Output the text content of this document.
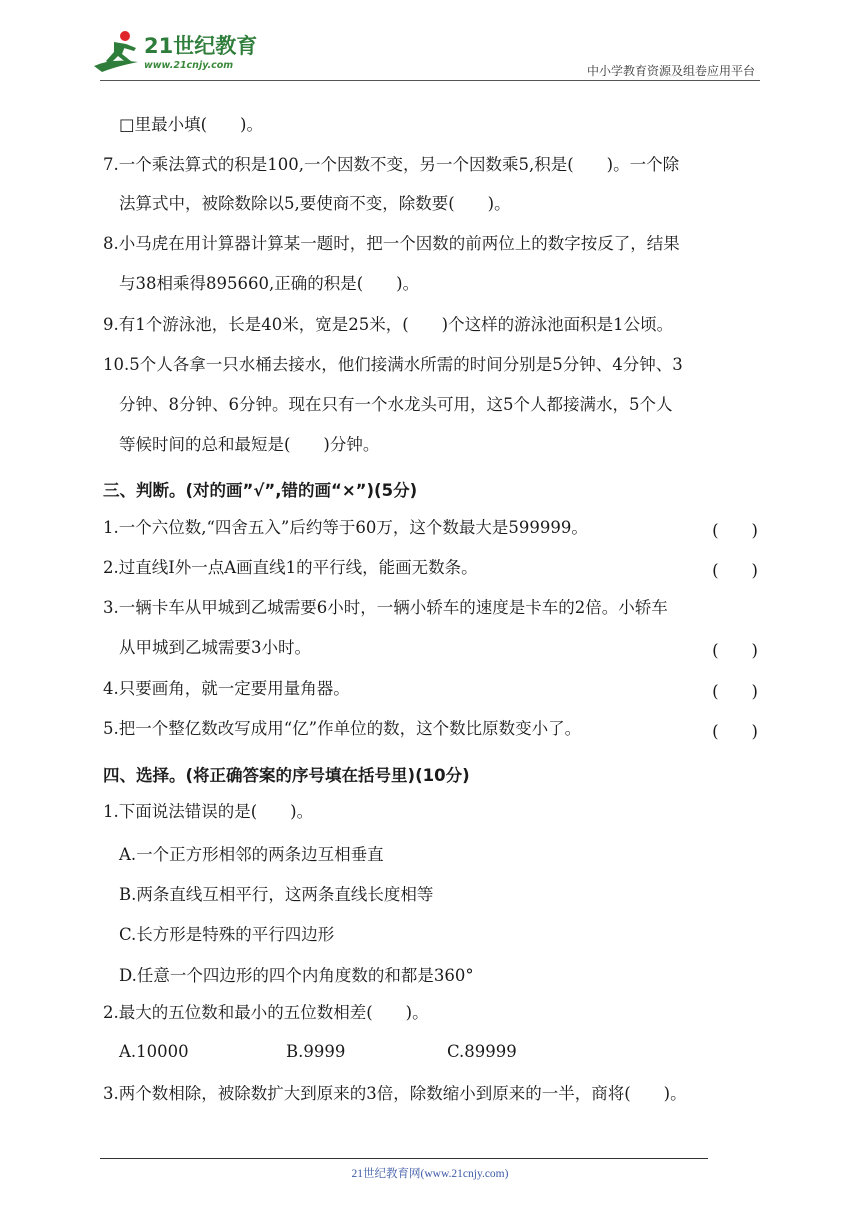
21世纪教育
www.21cnjy.com	中小学教育资源及组卷应用平台
□里最小填(　　)。
7.一个乘法算式的积是100,一个因数不变，另一个因数乘5,积是(　　)。一个除
法算式中，被除数除以5,要使商不变，除数要(　　)。
8.小马虎在用计算器计算某一题时，把一个因数的前两位上的数字按反了，结果
与38相乘得895660,正确的积是(　　)。
9.有1个游泳池，长是40米，宽是25米，(　　)个这样的游泳池面积是1公顷。
10.5个人各拿一只水桶去接水，他们接满水所需的时间分别是5分钟、4分钟、3
分钟、8分钟、6分钟。现在只有一个水龙头可用，这5个人都接满水，5个人
等候时间的总和最短是(　　)分钟。
三、判断。(对的画ˮ√ˮ,错的画“×ˮ)(5分)
1.一个六位数,“四舍五入”后约等于60万，这个数最大是599999。	(　　)
2.过直线I外一点A画直线1的平行线，能画无数条。	(　　)
3.一辆卡车从甲城到乙城需要6小时，一辆小轿车的速度是卡车的2倍。小轿车
从甲城到乙城需要3小时。	(　　)
4.只要画角，就一定要用量角器。	(　　)
5.把一个整亿数改写成用“亿”作单位的数，这个数比原数变小了。	(　　)
四、选择。(将正确答案的序号填在括号里)(10分)
1.下面说法错误的是(　　)。
A.一个正方形相邻的两条边互相垂直
B.两条直线互相平行，这两条直线长度相等
C.长方形是特殊的平行四边形
D.任意一个四边形的四个内角度数的和都是360°
2.最大的五位数和最小的五位数相差(　　)。
A.10000	B.9999	C.89999
3.两个数相除，被除数扩大到原来的3倍，除数缩小到原来的一半，商将(　　)。
21世纪教育网(www.21cnjy.com)
